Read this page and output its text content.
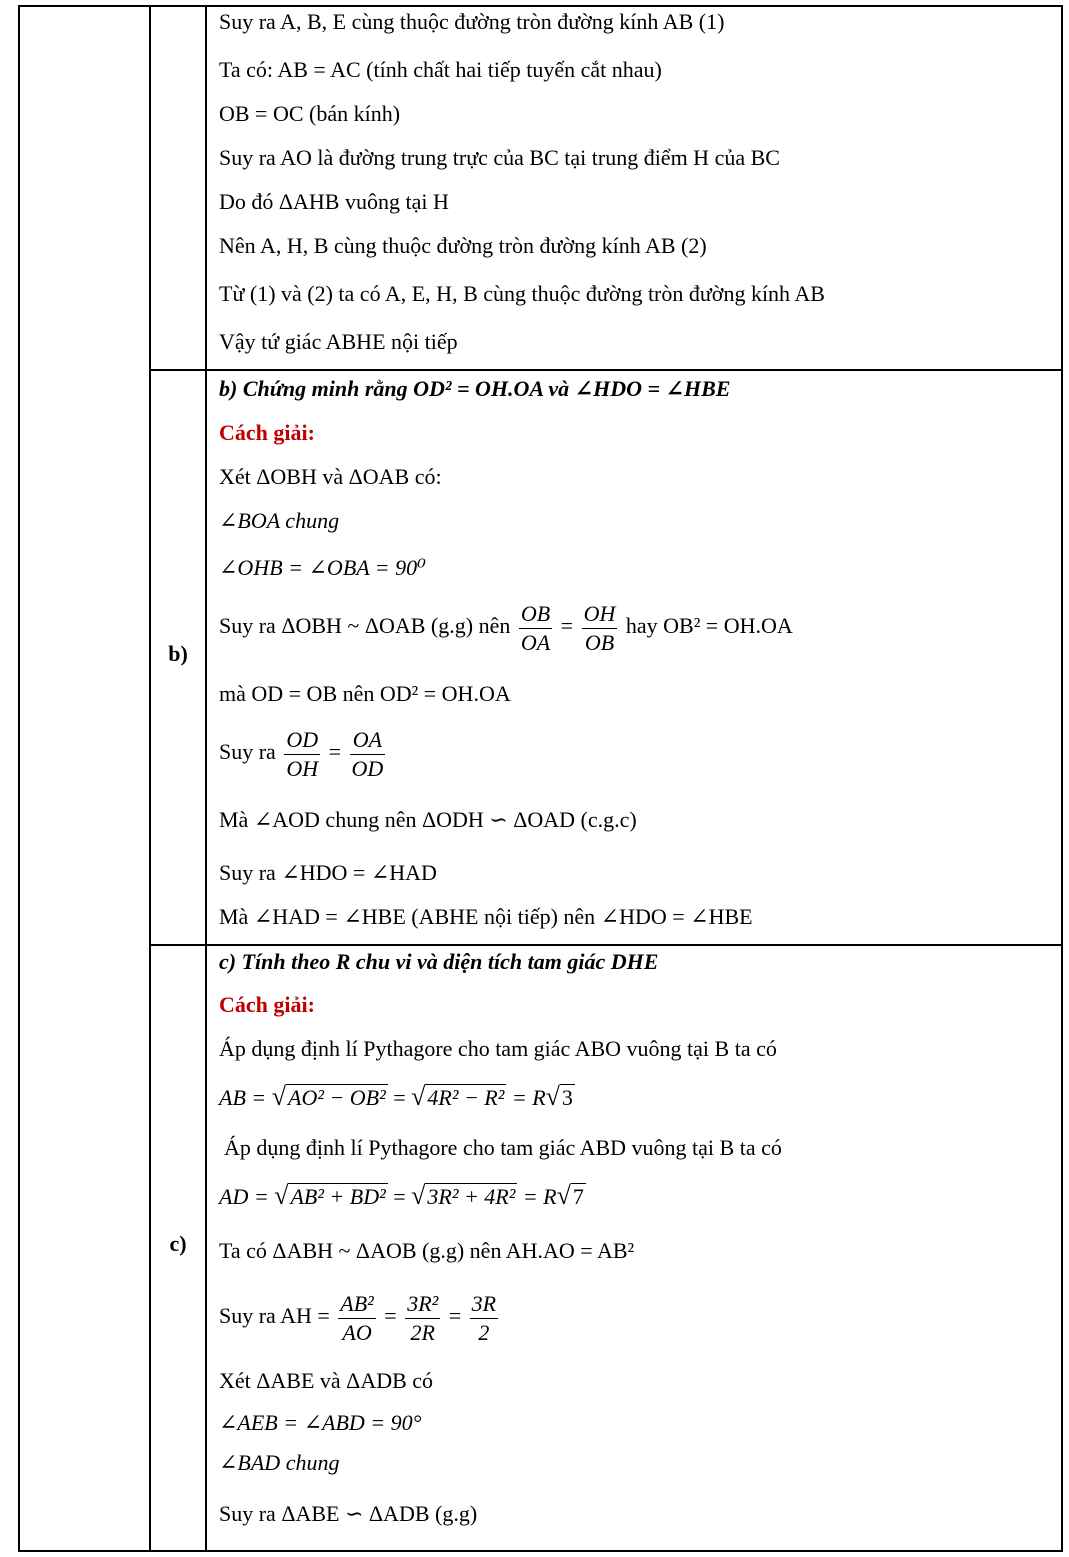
b)
c)
Suy ra A, B, E cùng thuộc đường tròn đường kính AB (1)
Ta có: AB = AC (tính chất hai tiếp tuyến cắt nhau)
OB = OC (bán kính)
Suy ra AO là đường trung trực của BC tại trung điểm H của BC
Do đó ΔAHB vuông tại H
Nên A, H, B cùng thuộc đường tròn đường kính AB (2)
Từ (1) và (2) ta có A, E, H, B cùng thuộc đường tròn đường kính AB
Vậy tứ giác ABHE nội tiếp
b) Chứng minh rằng OD² = OH.OA và ∠HDO = ∠HBE
Cách giải:
Xét ΔOBH và ΔOAB có:
∠BOA chung
∠OHB = ∠OBA = 90⁰
Suy ra ΔOBH ~ ΔOAB (g.g) nên $\frac{OB}{OA} = \frac{OH}{OB}$ hay OB² = OH.OA
mà OD = OB nên OD² = OH.OA
Suy ra $\frac{OD}{OH} = \frac{OA}{OD}$
Mà ∠AOD chung nên ΔODH ∽ ΔOAD (c.g.c)
Suy ra ∠HDO = ∠HAD
Mà ∠HAD = ∠HBE (ABHE nội tiếp) nên ∠HDO = ∠HBE
c) Tính theo R chu vi và diện tích tam giác DHE
Cách giải:
Áp dụng định lí Pythagore cho tam giác ABO vuông tại B ta có
AB = √AO² − OB² = √4R² − R² = R√3
Áp dụng định lí Pythagore cho tam giác ABD vuông tại B ta có
AD = √AB² + BD² = √3R² + 4R² = R√7
Ta có ΔABH ~ ΔAOB (g.g) nên AH.AO = AB²
Suy ra AH = $\frac{\text{AB²}}{AO} = \frac{\text{3R²}}{2R} = \frac{3R}{2}$
Xét ΔABE và ΔADB có
∠AEB = ∠ABD = 90°
∠BAD chung
Suy ra ΔABE ∽ ΔADB (g.g)
